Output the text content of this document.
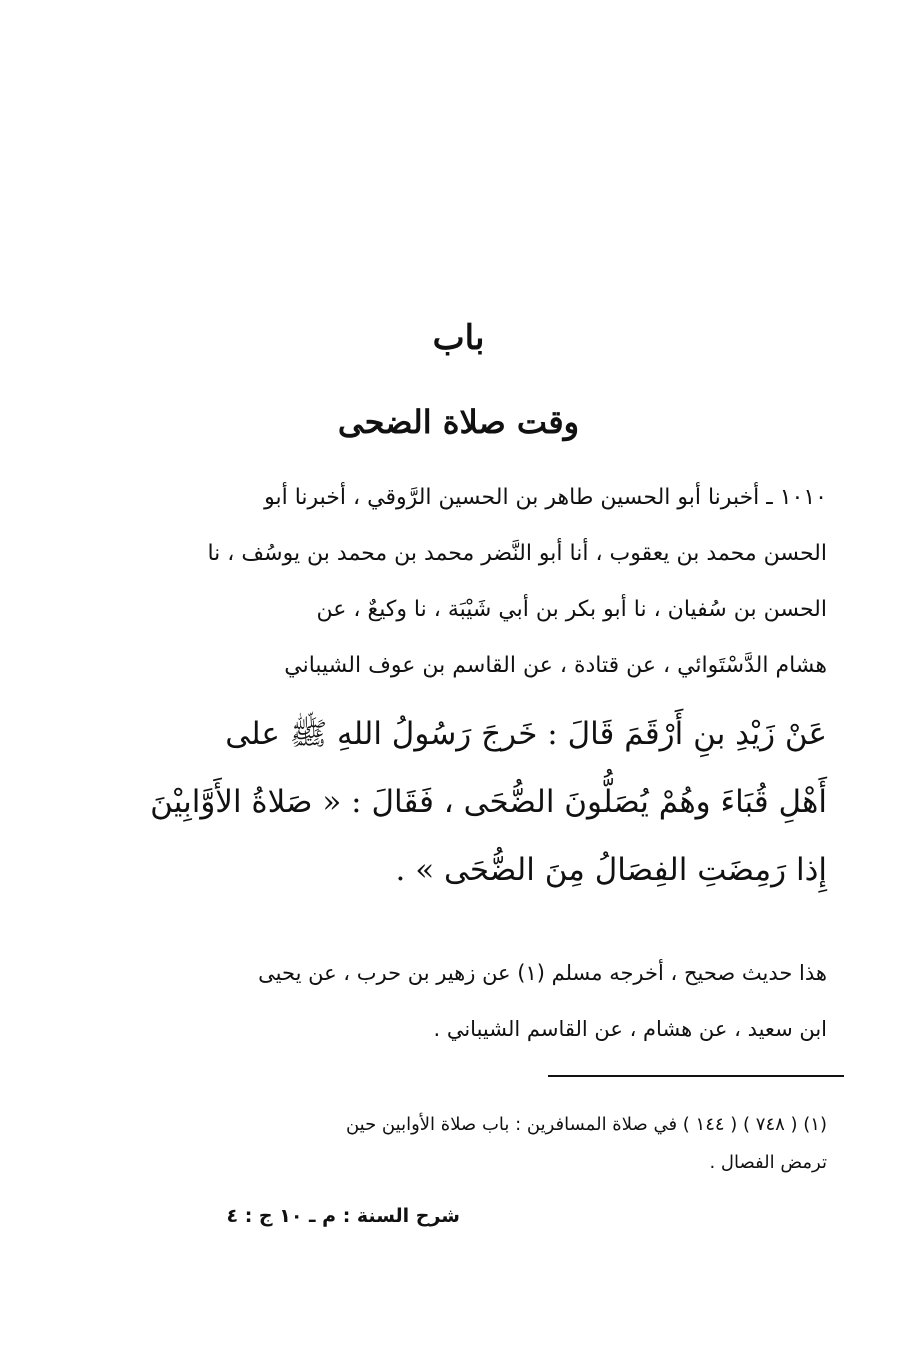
باب
وقت صلاة الضحى
١٠١٠ ـ أخبرنا أبو الحسين طاهر بن الحسين الرَّوقي ، أخبرنا أبو
الحسن محمد بن يعقوب ، أنا أبو النَّضر محمد بن محمد بن يوسُف ، نا
الحسن بن سُفيان ، نا أبو بكر بن أبي شَيْبَة ، نا وكيعٌ ، عن
هشام الدَّسْتَوائي ، عن قتادة ، عن القاسم بن عوف الشيباني
عَنْ زَيْدِ بنِ أَرْقَمَ قَالَ : خَرجَ رَسُولُ اللهِ ﷺ على
أَهْلِ قُبَاءَ وهُمْ يُصَلُّونَ الضُّحَى ، فَقَالَ : « صَلاةُ الأَوَّابِيْنَ
إِذا رَمِضَتِ الفِصَالُ مِنَ الضُّحَى » .
هذا حديث صحيح ، أخرجه مسلم (١) عن زهير بن حرب ، عن يحيى
ابن سعيد ، عن هشام ، عن القاسم الشيباني .
(١) ( ٧٤٨ ) ( ١٤٤ ) في صلاة المسافرين : باب صلاة الأوابين حين
ترمض الفصال .
شرح السنة : م ـ ١٠ ج : ٤
